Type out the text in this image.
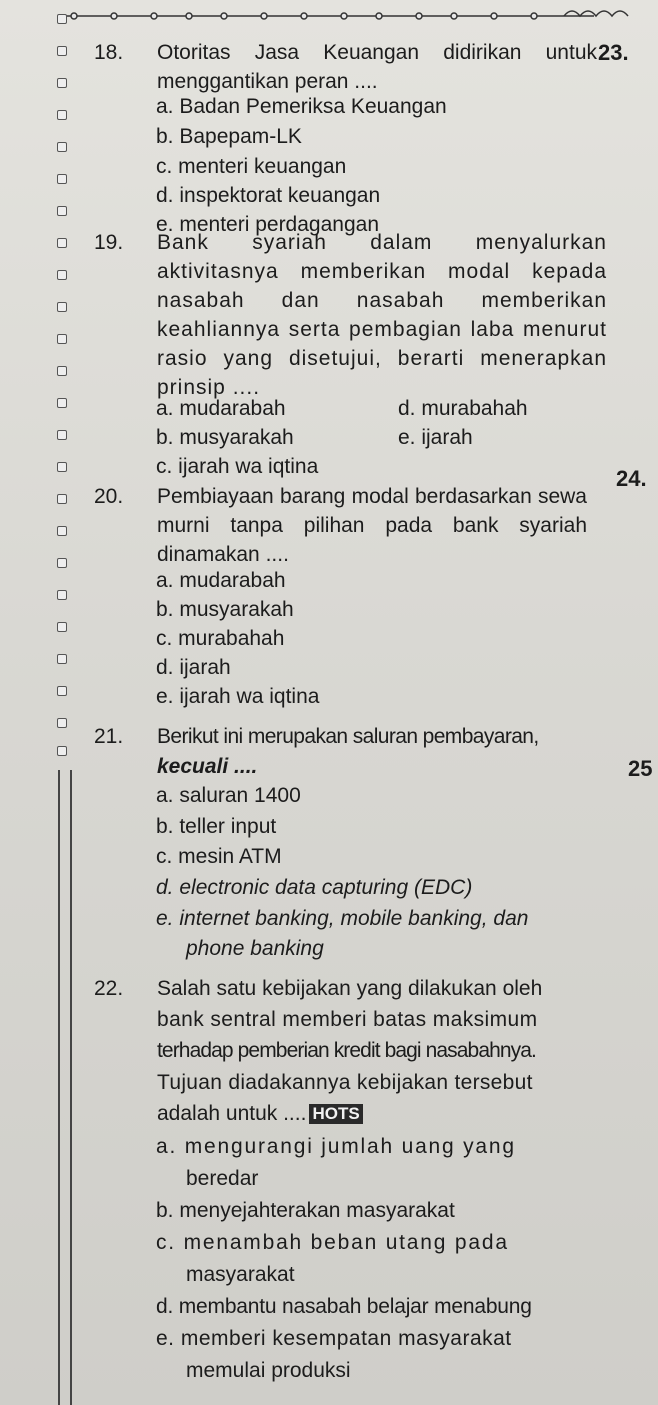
23.
24.
25
18. Otoritas Jasa Keuangan didirikan untuk menggantikan peran ....
a. Badan Pemeriksa Keuangan
b. Bapepam-LK
c. menteri keuangan
d. inspektorat keuangan
e. menteri perdagangan
19. Bank syariah dalam menyalurkan aktivitasnya memberikan modal kepada nasabah dan nasabah memberikan keahliannya serta pembagian laba menurut rasio yang disetujui, berarti menerapkan prinsip ....
a. mudarabah	d. murabahah
b. musyarakah	e. ijarah
c. ijarah wa iqtina
20. Pembiayaan barang modal berdasarkan sewa murni tanpa pilihan pada bank syariah dinamakan ....
a. mudarabah
b. musyarakah
c. murabahah
d. ijarah
e. ijarah wa iqtina
21. Berikut ini merupakan saluran pembayaran,
kecuali ....
a. saluran 1400
b. teller input
c. mesin ATM
d. electronic data capturing (EDC)
e. internet banking, mobile banking, dan
phone banking
22. Salah satu kebijakan yang dilakukan oleh
bank sentral memberi batas maksimum
terhadap pemberian kredit bagi nasabahnya.
Tujuan diadakannya kebijakan tersebut
adalah untuk .... HOTS
a. mengurangi jumlah uang yang
beredar
b. menyejahterakan masyarakat
c. menambah beban utang pada
masyarakat
d. membantu nasabah belajar menabung
e. memberi kesempatan masyarakat
memulai produksi
